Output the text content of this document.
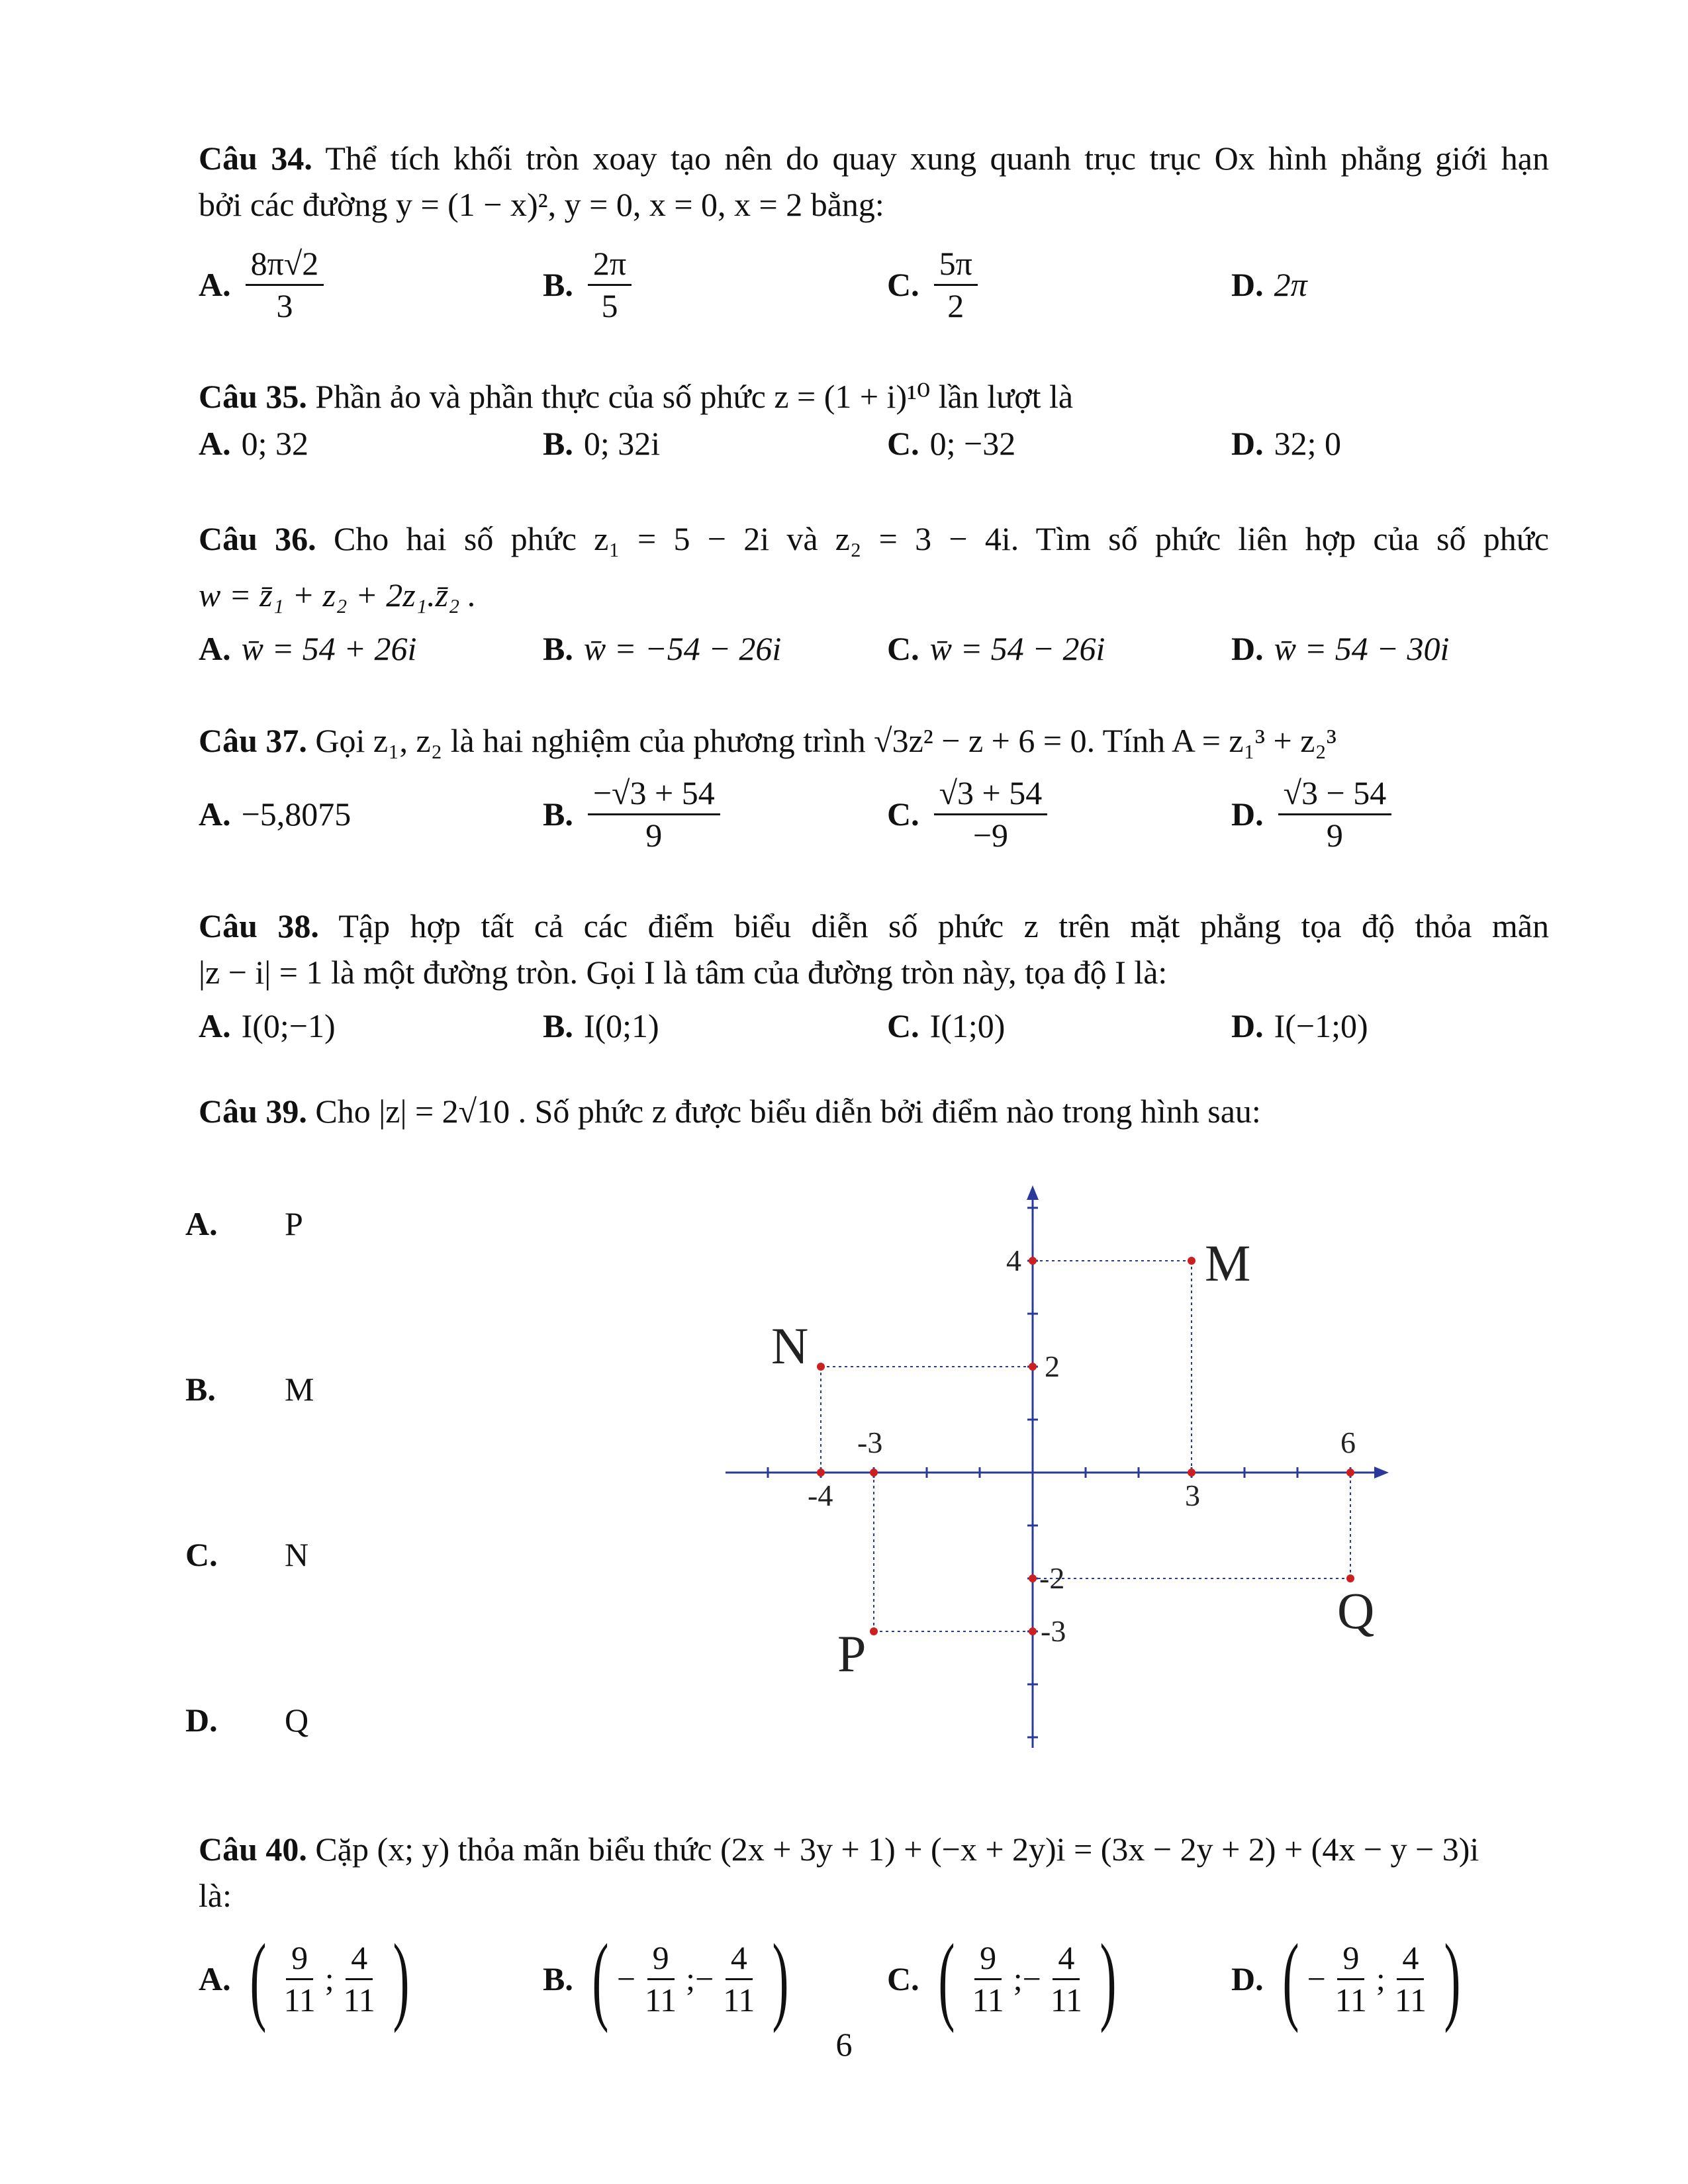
Câu 34. Thể tích khối tròn xoay tạo nên do quay xung quanh trục trục Ox hình phẳng giới hạn
bởi các đường y = (1 − x)², y = 0, x = 0, x = 2 bằng:
A. $\frac{8\pi√2}{3}$	B. $\frac{2\pi}{5}$	C. $\frac{5\pi}{2}$	D. 2π
Câu 35. Phần ảo và phần thực của số phức z = (1 + i)¹⁰ lần lượt là
A. 0; 32	B. 0; 32i	C. 0; −32	D. 32; 0
Câu 36. Cho hai số phức z₁ = 5 − 2i và z₂ = 3 − 4i. Tìm số phức liên hợp của số phức
w = z̄₁ + z₂ + 2z₁.z̄₂ .
A. w̄ = 54 + 26i	B. w̄ = −54 − 26i	C. w̄ = 54 − 26i	D. w̄ = 54 − 30i
Câu 37. Gọi z₁, z₂ là hai nghiệm của phương trình √3z² − z + 6 = 0. Tính A = z₁³ + z₂³
A. −5,8075	B. $\frac{-√3 + 54}{9}$	C. $\frac{√3 + 54}{-9}$	D. $\frac{√3 - 54}{9}$
Câu 38. Tập hợp tất cả các điểm biểu diễn số phức z trên mặt phẳng tọa độ thỏa mãn
|z − i| = 1 là một đường tròn. Gọi I là tâm của đường tròn này, tọa độ I là:
A. I(0;−1)	B. I(0;1)	C. I(1;0)	D. I(−1;0)
Câu 39. Cho |z| = 2√10 . Số phức z được biểu diễn bởi điểm nào trong hình sau:
A. P
B. M
C. N
D. Q
Câu 40. Cặp (x; y) thỏa mãn biểu thức (2x + 3y + 1) + (−x + 2y)i = (3x − 2y + 2) + (4x − y − 3)i
là:
A. ( $\frac{9}{11}$ ; $\frac{4}{11}$ )	B. ( − $\frac{9}{11}$ ; − $\frac{4}{11}$ )	C. ( $\frac{9}{11}$ ; − $\frac{4}{11}$ )	D. ( − $\frac{9}{11}$ ; $\frac{4}{11}$ )
M
N
P
Q
4
2
-2
-3
-4
-3
3
6
6
